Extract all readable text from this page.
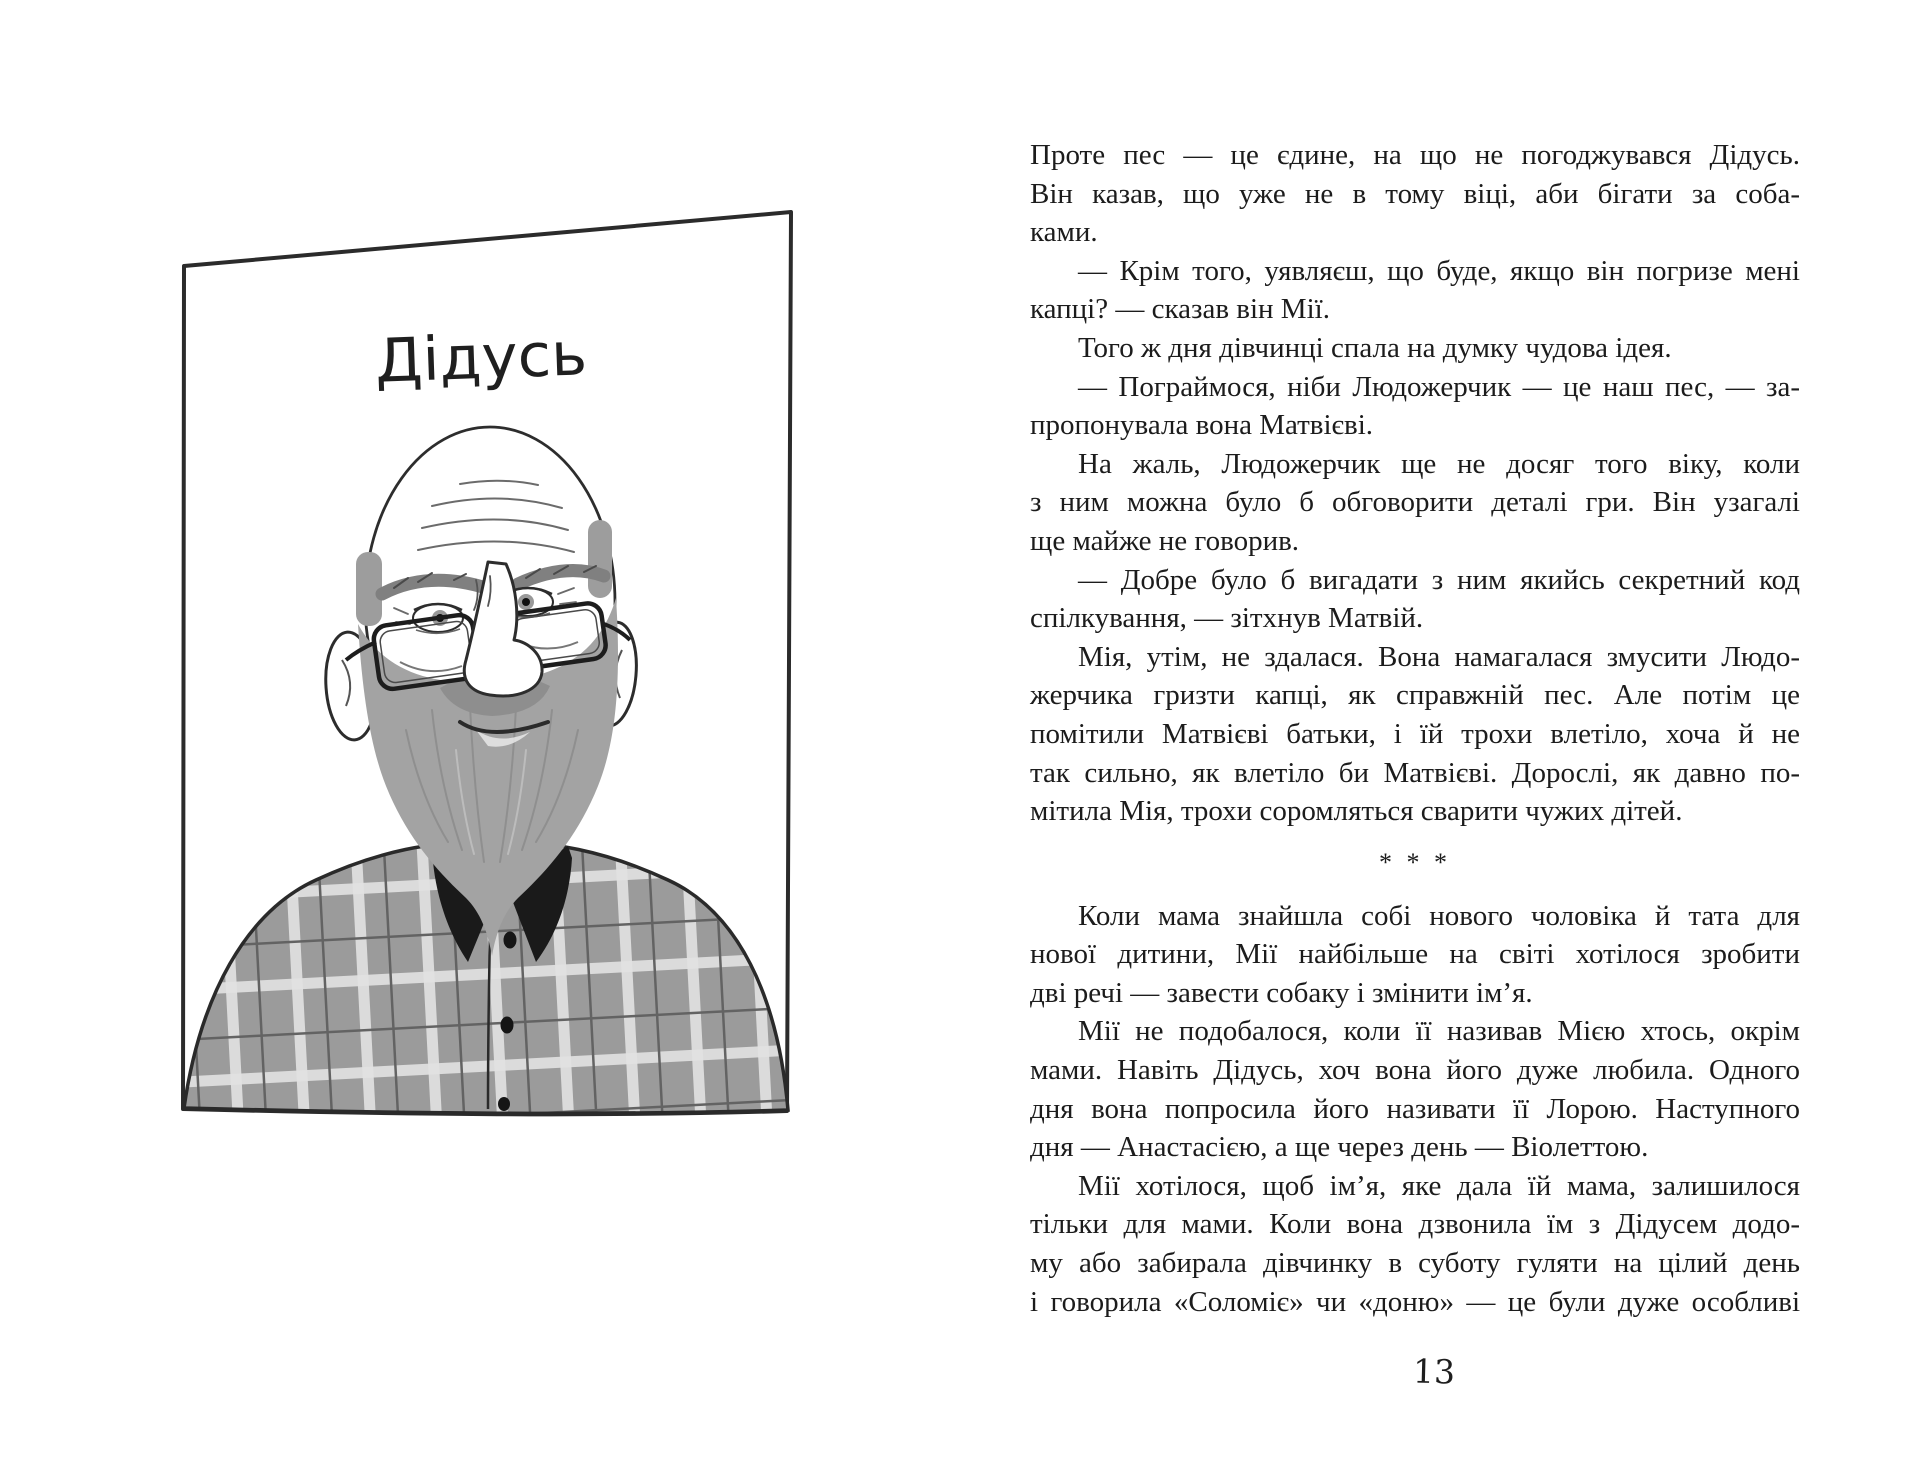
Дідусь
Проте пес — це єдине, на що не погоджувався Дідусь.
Він казав, що уже не в тому віці, аби бігати за соба-
ками.
— Крім того, уявляєш, що буде, якщо він погризе мені
капці? — сказав він Мії.
Того ж дня дівчинці спала на думку чудова ідея.
— Пограймося, ніби Людожерчик — це наш пес, — за-
пропонувала вона Матвієві.
На жаль, Людожерчик ще не досяг того віку, коли
з ним можна було б обговорити деталі гри. Він узагалі
ще майже не говорив.
— Добре було б вигадати з ним якийсь секретний код
спілкування, — зітхнув Матвій.
Мія, утім, не здалася. Вона намагалася змусити Людо-
жерчика гризти капці, як справжній пес. Але потім це
помітили Матвієві батьки, і їй трохи влетіло, хоча й не
так сильно, як влетіло би Матвієві. Дорослі, як давно по-
мітила Мія, трохи соромляться сварити чужих дітей.
* * *
Коли мама знайшла собі нового чоловіка й тата для
нової дитини, Мії найбільше на світі хотілося зробити
дві речі — завести собаку і змінити ім’я.
Мії не подобалося, коли її називав Мією хтось, окрім
мами. Навіть Дідусь, хоч вона його дуже любила. Одного
дня вона попросила його називати її Лорою. Наступного
дня — Анастасією, а ще через день — Віолеттою.
Мії хотілося, щоб ім’я, яке дала їй мама, залишилося
тільки для мами. Коли вона дзвонила їм з Дідусем додо-
му або забирала дівчинку в суботу гуляти на цілий день
і говорила «Соломіє» чи «доню» — це були дуже особливі
13
